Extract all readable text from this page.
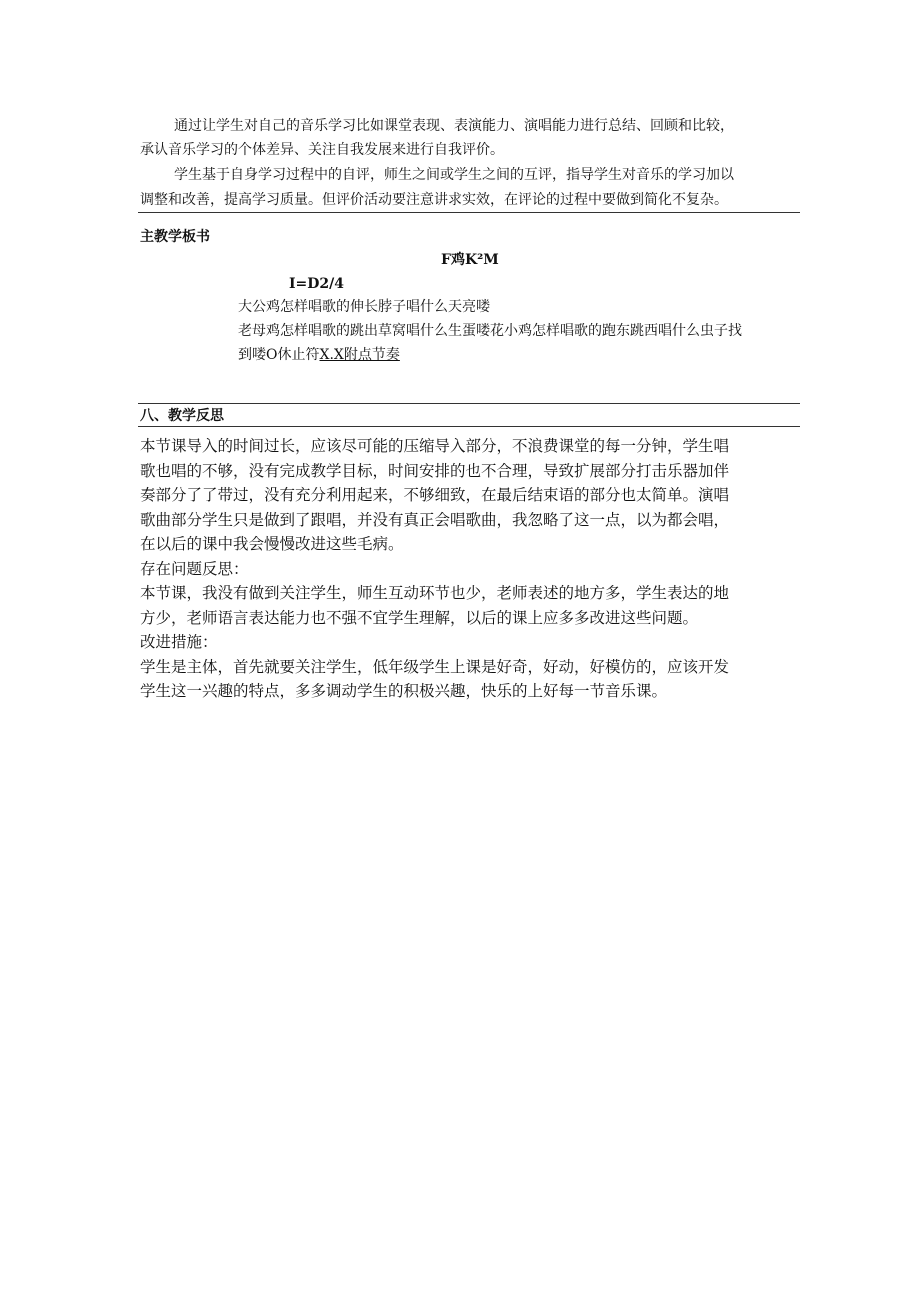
通过让学生对自己的音乐学习比如课堂表现、表演能力、演唱能力进行总结、回顾和比较，
承认音乐学习的个体差异、关注自我发展来进行自我评价。
学生基于自身学习过程中的自评，师生之间或学生之间的互评，指导学生对音乐的学习加以
调整和改善，提高学习质量。但评价活动要注意讲求实效，在评论的过程中要做到简化不复杂。
主教学板书
F鸡K²M
I=D2/4
大公鸡怎样唱歌的伸长脖子唱什么天亮喽
老母鸡怎样唱歌的跳出草窝唱什么生蛋喽花小鸡怎样唱歌的跑东跳西唱什么虫子找
到喽O休止符X.X附点节奏
八、教学反思
本节课导入的时间过长，应该尽可能的压缩导入部分，不浪费课堂的每一分钟，学生唱
歌也唱的不够，没有完成教学目标，时间安排的也不合理，导致扩展部分打击乐器加伴
奏部分了了带过，没有充分利用起来，不够细致，在最后结束语的部分也太简单。演唱
歌曲部分学生只是做到了跟唱，并没有真正会唱歌曲，我忽略了这一点，以为都会唱，
在以后的课中我会慢慢改进这些毛病。
存在问题反思：
本节课，我没有做到关注学生，师生互动环节也少，老师表述的地方多，学生表达的地
方少，老师语言表达能力也不强不宜学生理解，以后的课上应多多改进这些问题。
改进措施：
学生是主体，首先就要关注学生，低年级学生上课是好奇，好动，好模仿的，应该开发
学生这一兴趣的特点，多多调动学生的积极兴趣，快乐的上好每一节音乐课。
